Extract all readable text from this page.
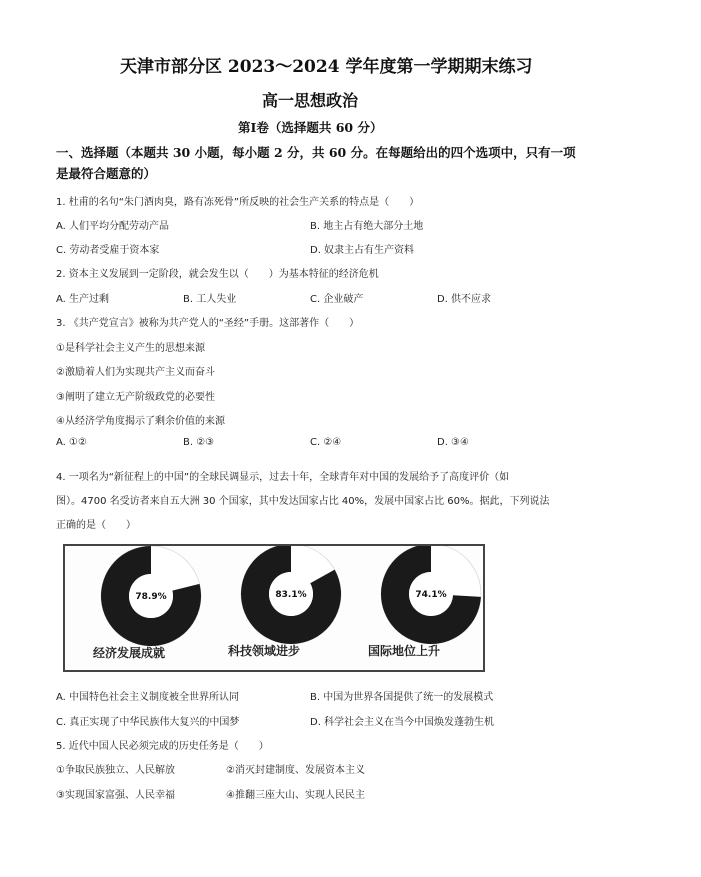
天津市部分区 2023～2024 学年度第一学期期末练习
高一思想政治
第Ⅰ卷（选择题共 60 分）
一、选择题（本题共 30 小题，每小题 2 分，共 60 分。在每题给出的四个选项中，只有一项
是最符合题意的）
1. 杜甫的名句“朱门酒肉臭，路有冻死骨”所反映的社会生产关系的特点是（　　）
A. 人们平均分配劳动产品	B. 地主占有绝大部分土地
C. 劳动者受雇于资本家	D. 奴隶主占有生产资料
2. 资本主义发展到一定阶段，就会发生以（　　）为基本特征的经济危机
A. 生产过剩	B. 工人失业	C. 企业破产	D. 供不应求
3. 《共产党宣言》被称为共产党人的“圣经”手册。这部著作（　　）
①是科学社会主义产生的思想来源
②激励着人们为实现共产主义而奋斗
③阐明了建立无产阶级政党的必要性
④从经济学角度揭示了剩余价值的来源
A. ①②	B. ②③	C. ②④	D. ③④
4. 一项名为“新征程上的中国”的全球民调显示，过去十年，全球青年对中国的发展给予了高度评价（如
图）。4700 名受访者来自五大洲 30 个国家，其中发达国家占比 40%，发展中国家占比 60%。据此，下列说法
正确的是（　　）
78.9%	83.1%	74.1%
经济发展成就	科技领域进步	国际地位上升
A. 中国特色社会主义制度被全世界所认同	B. 中国为世界各国提供了统一的发展模式
C. 真正实现了中华民族伟大复兴的中国梦	D. 科学社会主义在当今中国焕发蓬勃生机
5. 近代中国人民必须完成的历史任务是（　　）
①争取民族独立、人民解放	②消灭封建制度、发展资本主义
③实现国家富强、人民幸福	④推翻三座大山、实现人民民主
